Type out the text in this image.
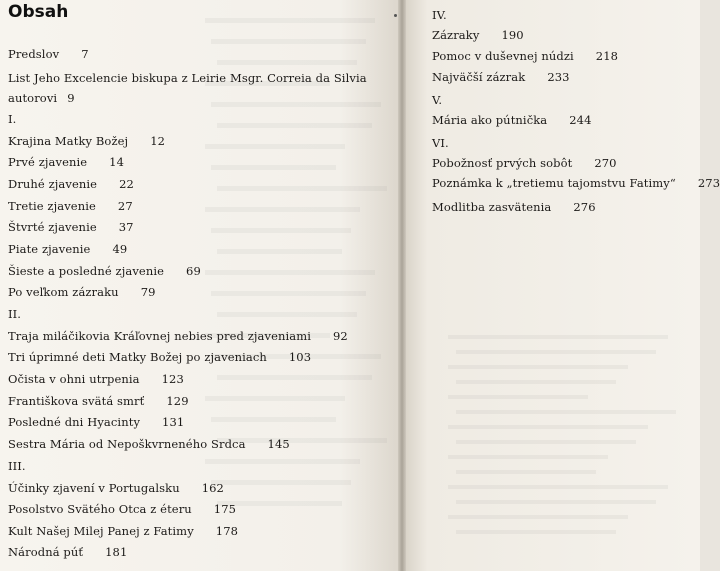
Obsah
Predslov 7
List Jeho Excelencie biskupa z Leirie Msgr. Correia da Silvia autorovi 9
I.
Krajina Matky Božej 12
Prvé zjavenie 14
Druhé zjavenie 22
Tretie zjavenie 27
Štvrté zjavenie 37
Piate zjavenie 49
Šieste a posledné zjavenie 69
Po veľkom zázraku 79
II.
Traja miláčikovia Kráľovnej nebies pred zjaveniami 92
Tri úprimné deti Matky Božej po zjaveniach 103
Očista v ohni utrpenia 123
Františkova svätá smrť 129
Posledné dni Hyacinty 131
Sestra Mária od Nepoškvrneného Srdca 145
III.
Účinky zjavení v Portugalsku 162
Posolstvo Svätého Otca z éteru 175
Kult Našej Milej Panej z Fatimy 178
Národná púť 181
IV.
Zázraky 190
Pomoc v duševnej núdzi 218
Najväčší zázrak 233
V.
Mária ako pútnička 244
VI.
Pobožnosť prvých sobôt 270
Poznámka k „tretiemu tajomstvu Fatimy“ 273
Modlitba zasvätenia 276
